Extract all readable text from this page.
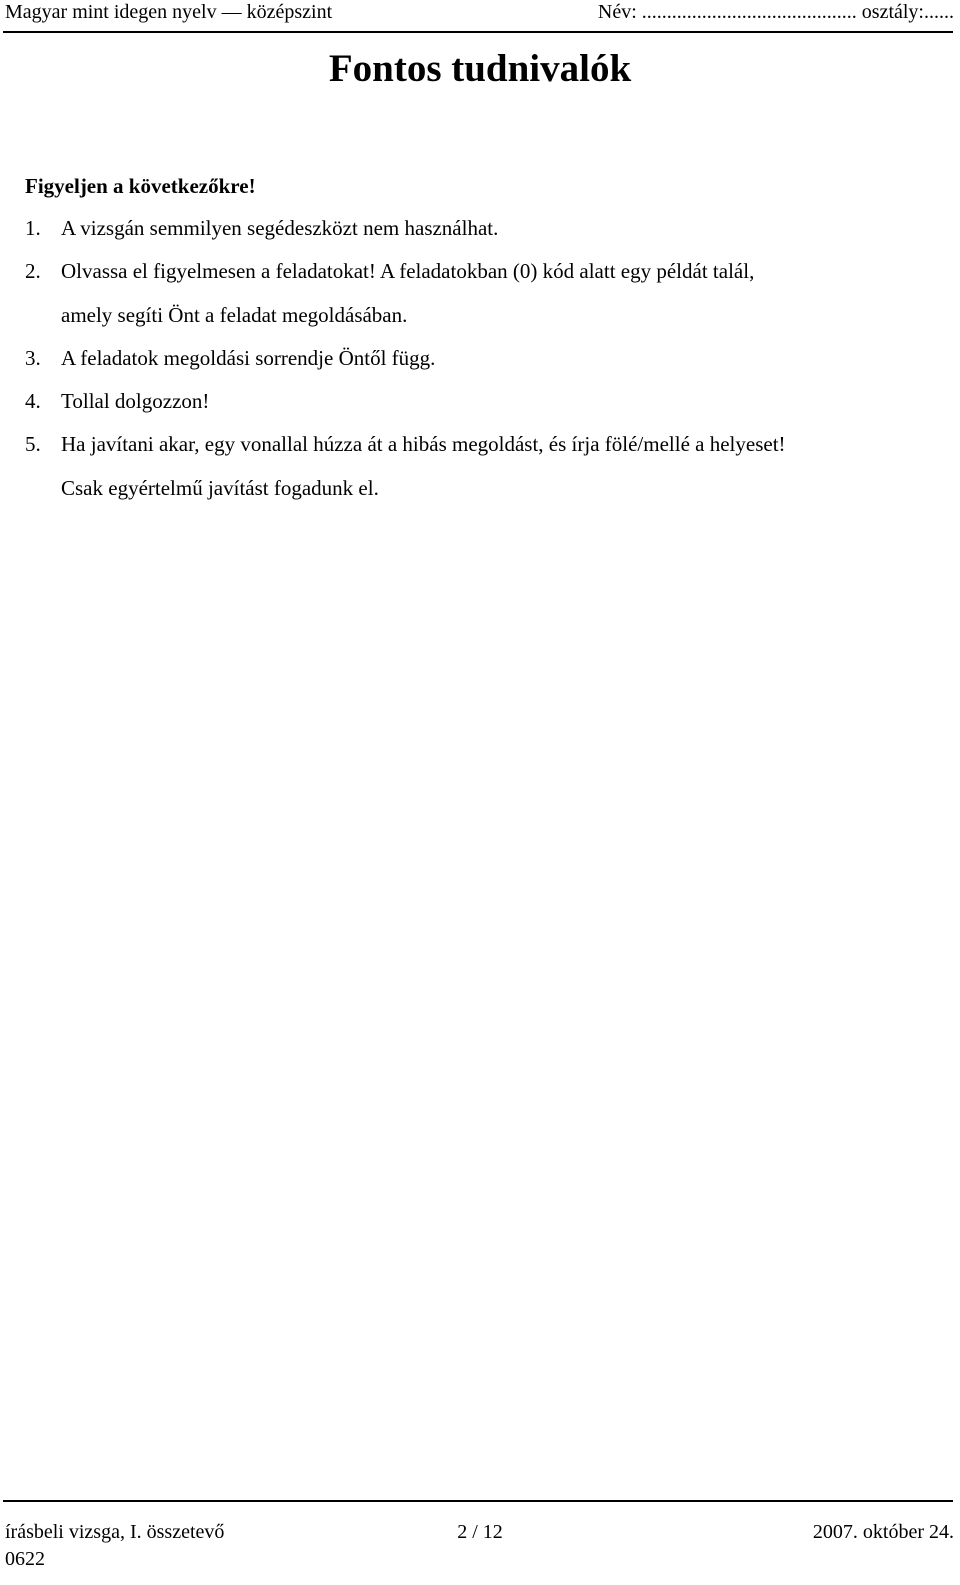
Magyar mint idegen nyelv — középszint	Név: ........................................... osztály:......
Fontos tudnivalók
Figyeljen a következőkre!
1. A vizsgán semmilyen segédeszközt nem használhat.
2. Olvassa el figyelmesen a feladatokat! A feladatokban (0) kód alatt egy példát talál,
amely segíti Önt a feladat megoldásában.
3. A feladatok megoldási sorrendje Öntől függ.
4. Tollal dolgozzon!
5. Ha javítani akar, egy vonallal húzza át a hibás megoldást, és írja fölé/mellé a helyeset!
Csak egyértelmű javítást fogadunk el.
írásbeli vizsga, I. összetevő	2 / 12	2007. október 24.
0622
